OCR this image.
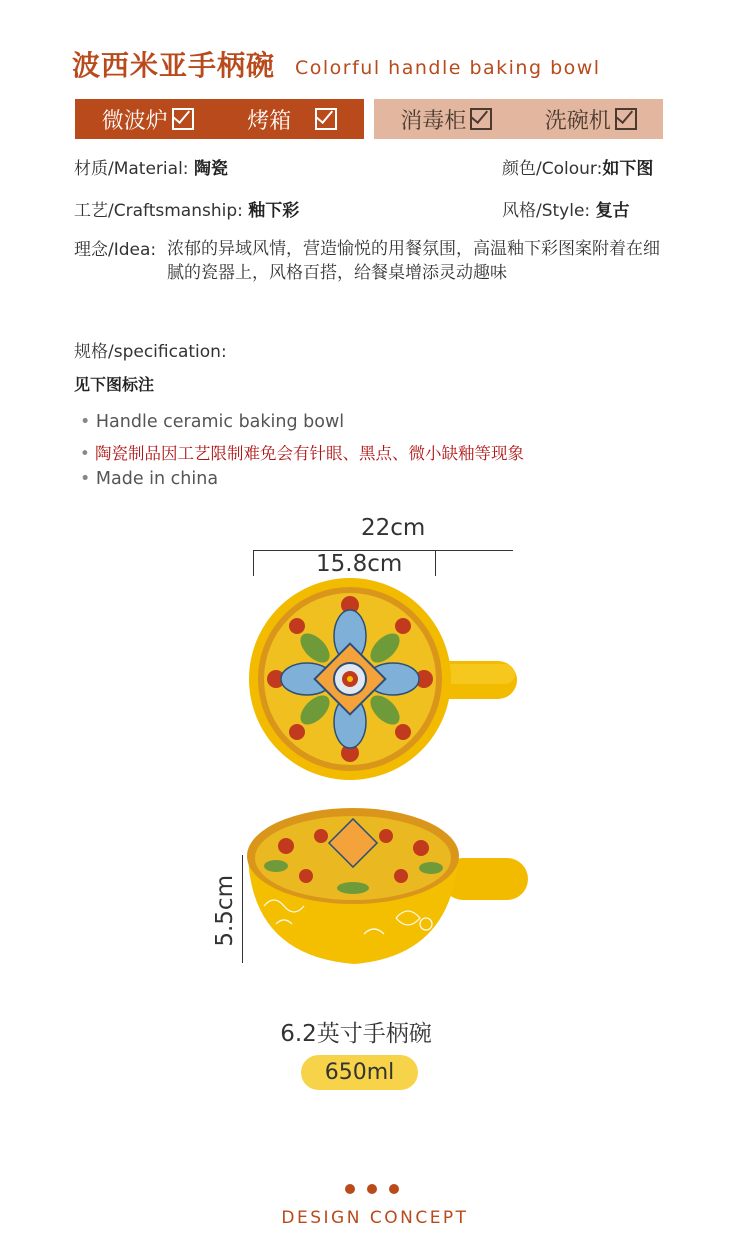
波西米亚手柄碗 Colorful handle baking bowl
微波炉	烤箱	消毒柜	洗碗机
材质/Material: 陶瓷	颜色/Colour:如下图
工艺/Craftsmanship: 釉下彩	风格/Style: 复古
理念/Idea: 浓郁的异域风情，营造愉悦的用餐氛围，高温釉下彩图案附着在细腻的瓷器上，风格百搭，给餐桌增添灵动趣味
规格/specification:
见下图标注
• Handle ceramic baking bowl
• 陶瓷制品因工艺限制难免会有针眼、黑点、微小缺釉等现象
• Made in china
22cm
15.8cm
5.5cm
6.2英寸手柄碗
650ml
DESIGN CONCEPT
